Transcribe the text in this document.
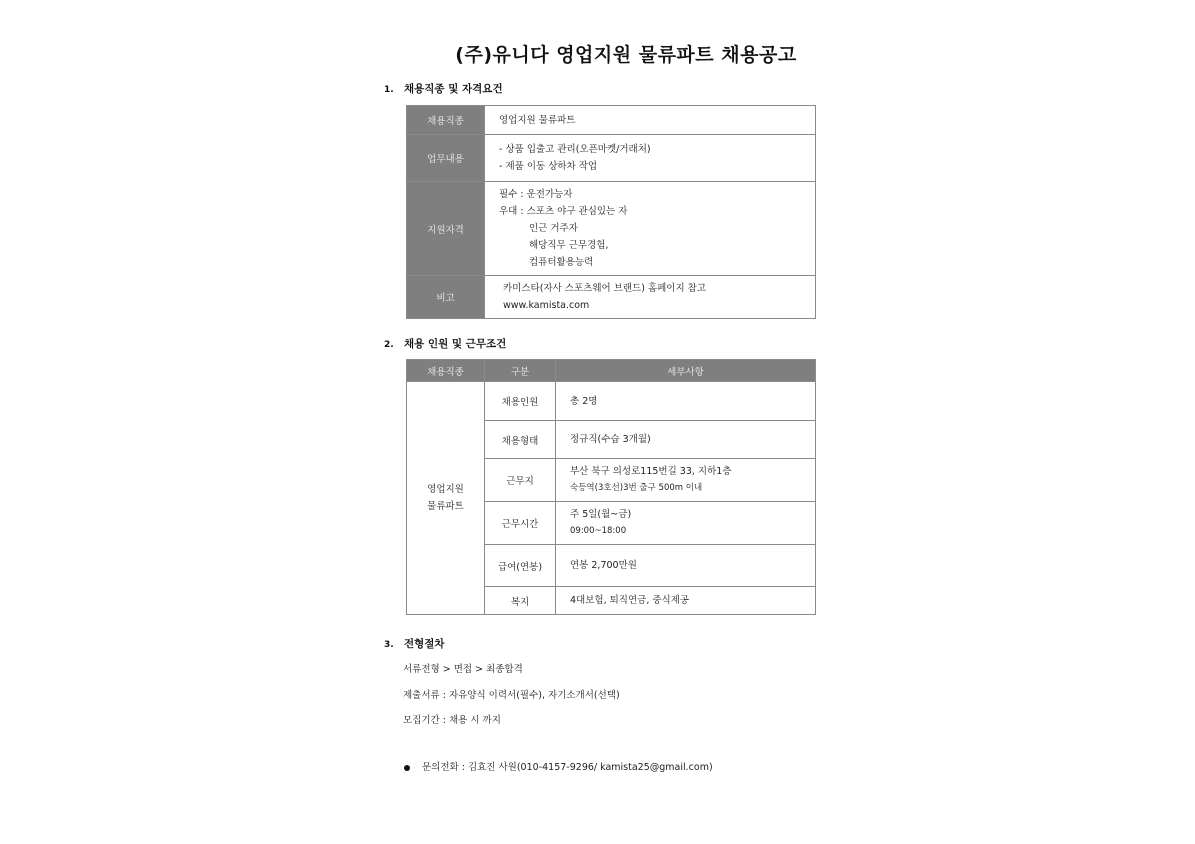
(주)유니다 영업지원 물류파트 채용공고
1. 채용직종 및 자격요건
채용직종	영업지원 물류파트

업무내용	- 상품 입출고 관리(오픈마켓/거래처)
- 제품 이동 상하차 작업

지원자격	필수 : 운전가능자
우대 : 스포츠 야구 관심있는 자
인근 거주자
해당직무 근무경험,
컴퓨터활용능력

비고	카미스타(자사 스포츠웨어 브랜드) 홈페이지 참고
www.kamista.com
2. 채용 인원 및 근무조건
채용직종	구분	세부사항

영업지원
물류파트	채용인원	총 2명

	채용형태	정규직(수습 3개월)

	근무지	부산 북구 의성로115번길 33, 지하1층
숙등역(3호선)3번 출구 500m 이내

	근무시간	주 5일(월~금)
09:00~18:00

	급여(연봉)	연봉 2,700만원

	복지	4대보험, 퇴직연금, 중식제공
3. 전형절차
서류전형 > 면접 > 최종합격
제출서류 : 자유양식 이력서(필수), 자기소개서(선택)
모집기간 : 채용 시 까지
문의전화 : 김효진 사원(010-4157-9296/ kamista25@gmail.com)
